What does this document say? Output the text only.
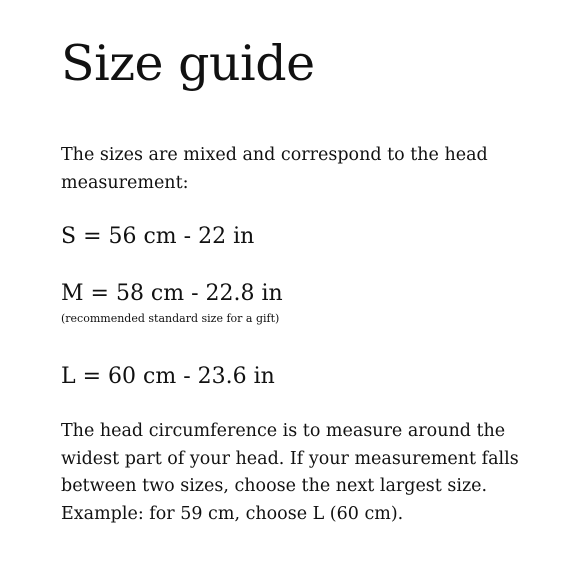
Size guide
The sizes are mixed and correspond to the head
measurement:
S = 56 cm - 22 in
M = 58 cm - 22.8 in
(recommended standard size for a gift)
L = 60 cm - 23.6 in
The head circumference is to measure around the
widest part of your head. If your measurement falls
between two sizes, choose the next largest size.
Example: for 59 cm, choose L (60 cm).
